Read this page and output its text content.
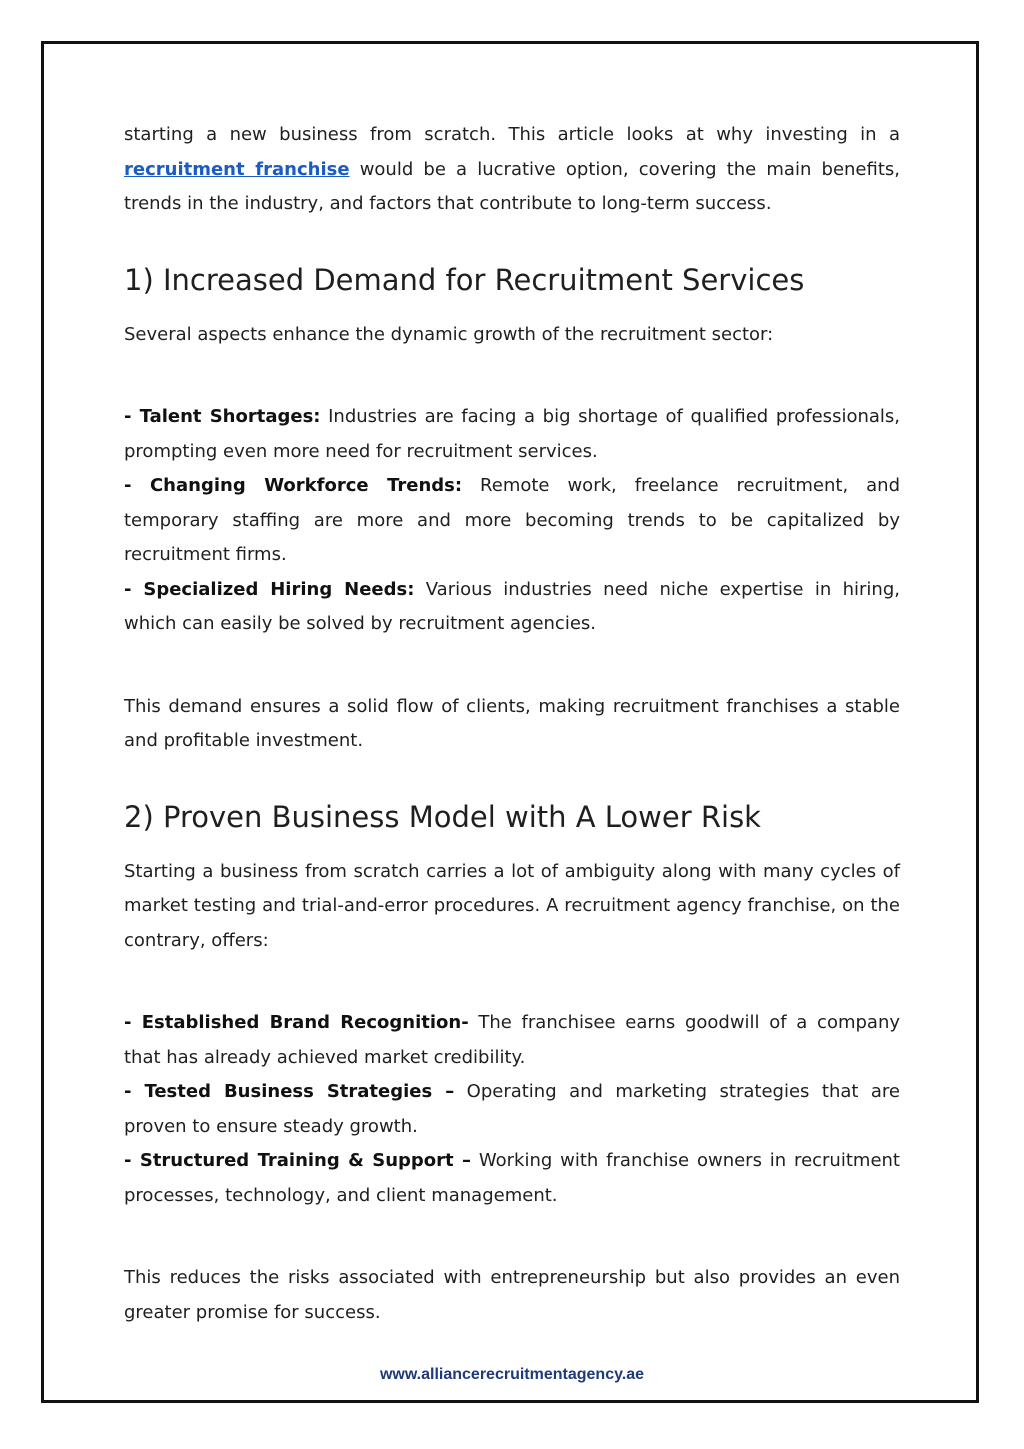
starting a new business from scratch. This article looks at why investing in a recruitment franchise would be a lucrative option, covering the main benefits, trends in the industry, and factors that contribute to long-term success.

1) Increased Demand for Recruitment Services

Several aspects enhance the dynamic growth of the recruitment sector:

- Talent Shortages: Industries are facing a big shortage of qualified professionals, prompting even more need for recruitment services.

- Changing Workforce Trends: Remote work, freelance recruitment, and temporary staffing are more and more becoming trends to be capitalized by recruitment firms.

- Specialized Hiring Needs: Various industries need niche expertise in hiring, which can easily be solved by recruitment agencies.

This demand ensures a solid flow of clients, making recruitment franchises a stable and profitable investment.

2) Proven Business Model with A Lower Risk

Starting a business from scratch carries a lot of ambiguity along with many cycles of market testing and trial-and-error procedures. A recruitment agency franchise, on the contrary, offers:

- Established Brand Recognition- The franchisee earns goodwill of a company that has already achieved market credibility.

- Tested Business Strategies – Operating and marketing strategies that are proven to ensure steady growth.

- Structured Training & Support – Working with franchise owners in recruitment processes, technology, and client management.

This reduces the risks associated with entrepreneurship but also provides an even greater promise for success.

www.alliancerecruitmentagency.ae
